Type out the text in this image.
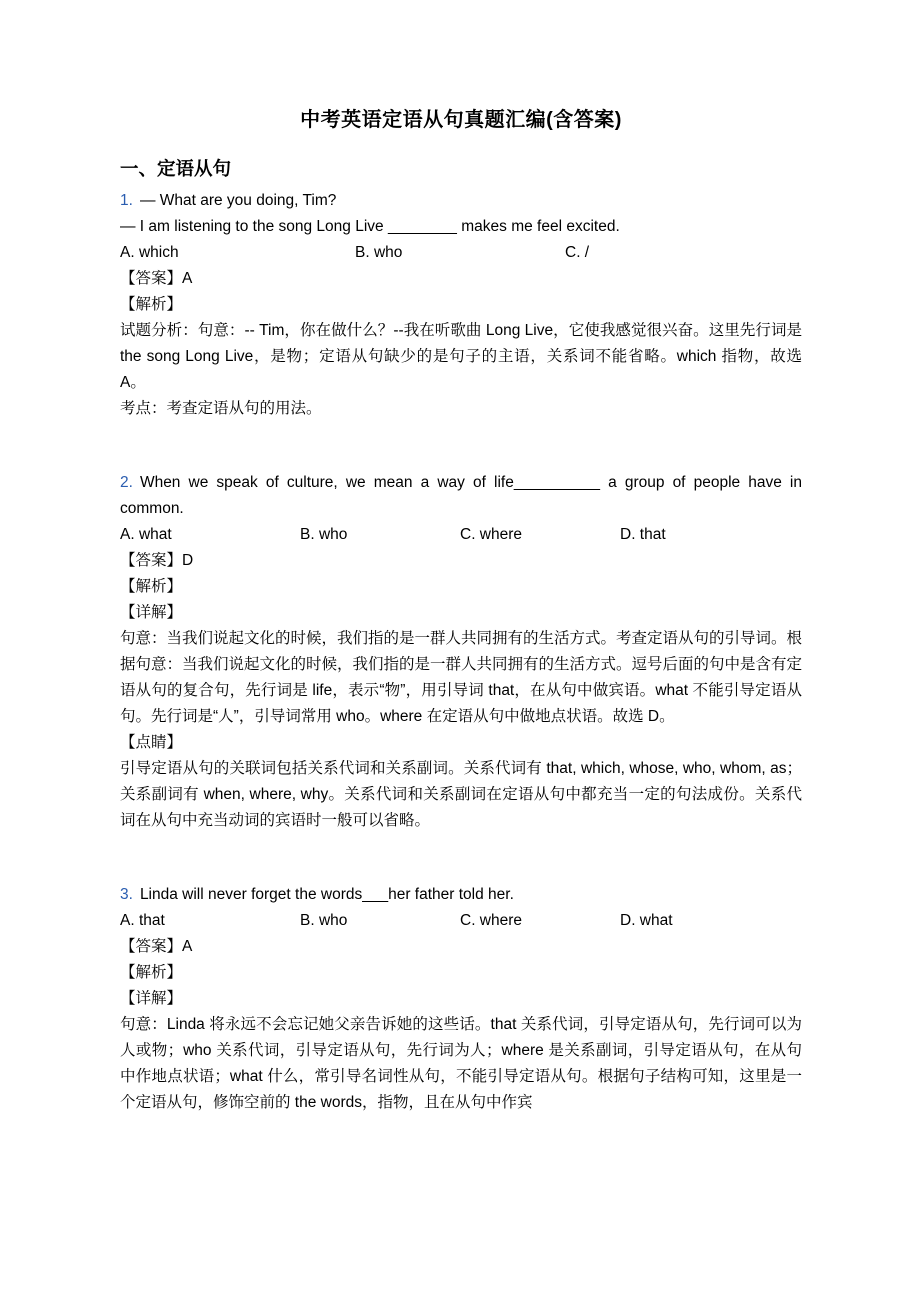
中考英语定语从句真题汇编(含答案)
一、定语从句

1. — What are you doing, Tim?

— I am listening to the song Long Live ________ makes me feel excited.

A. which	B. who	C. /

【答案】A

【解析】

试题分析：句意：-- Tim，你在做什么？--我在听歌曲 Long Live，它使我感觉很兴奋。这里先行词是 the song Long Live，是物；定语从句缺少的是句子的主语，关系词不能省略。which 指物，故选 A。

考点：考查定语从句的用法。

2. When we speak of culture, we mean a way of life__________ a group of people have in common.

A. what	B. who	C. where	D. that

【答案】D

【解析】

【详解】

句意：当我们说起文化的时候，我们指的是一群人共同拥有的生活方式。考查定语从句的引导词。根据句意：当我们说起文化的时候，我们指的是一群人共同拥有的生活方式。逗号后面的句中是含有定语从句的复合句，先行词是 life，表示“物”，用引导词 that，在从句中做宾语。what 不能引导定语从句。先行词是“人”，引导词常用 who。where 在定语从句中做地点状语。故选 D。

【点睛】

引导定语从句的关联词包括关系代词和关系副词。关系代词有 that, which, whose, who, whom, as；关系副词有 when, where, why。关系代词和关系副词在定语从句中都充当一定的句法成份。关系代词在从句中充当动词的宾语时一般可以省略。

3. Linda will never forget the words___her father told her.

A. that	B. who	C. where	D. what

【答案】A

【解析】

【详解】

句意：Linda 将永远不会忘记她父亲告诉她的这些话。that 关系代词，引导定语从句，先行词可以为人或物；who 关系代词，引导定语从句，先行词为人；where 是关系副词，引导定语从句，在从句中作地点状语；what 什么，常引导名词性从句，不能引导定语从句。根据句子结构可知，这里是一个定语从句，修饰空前的 the words，指物，且在从句中作宾
